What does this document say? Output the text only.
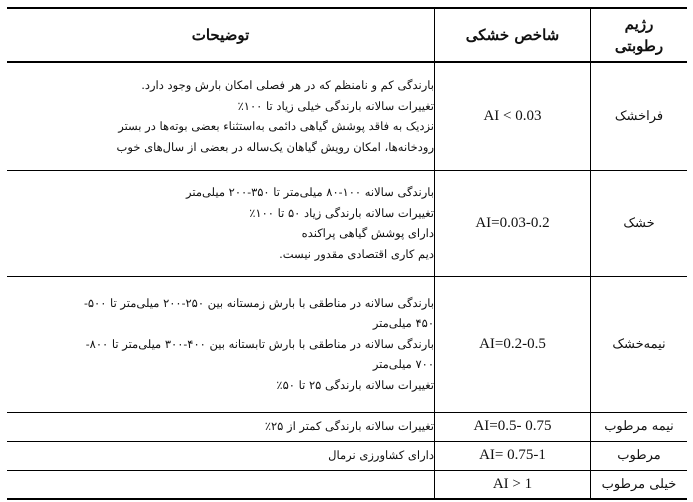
رژیم
رطوبتی	شاخص خشکی	توضیحات
فراخشک	AI < 0.03	بارندگی کم و نامنظم که در هر فصلی امکان بارش وجود دارد.
تغییرات سالانه بارندگی خیلی زیاد تا ۱۰۰٪
نزدیک به فاقد پوشش گیاهی دائمی به‌استثناء بعضی بوته‌ها در بستر
رودخانه‌ها، امکان رویش گیاهان یک‌ساله در بعضی از سال‌های خوب

خشک	AI=0.03-0.2	بارندگی سالانه ۱۰۰-۸۰ میلی‌متر تا ۳۵۰-۲۰۰ میلی‌متر
تغییرات سالانه بارندگی زیاد ۵۰ تا ۱۰۰٪
دارای پوشش گیاهی پراکنده
دیم کاری اقتصادی مقدور نیست.

نیمه‌خشک	AI=0.2-0.5	بارندگی سالانه در مناطقی با بارش زمستانه بین ۲۵۰-۲۰۰ میلی‌متر تا ۵۰۰-
۴۵۰ میلی‌متر
بارندگی سالانه در مناطقی با بارش تابستانه بین ۴۰۰-۳۰۰ میلی‌متر تا ۸۰۰-
۷۰۰ میلی‌متر
تغییرات سالانه بارندگی ۲۵ تا ۵۰٪

نیمه مرطوب	AI=0.5- 0.75	تغییرات سالانه بارندگی کمتر از ۲۵٪

مرطوب	AI= 0.75-1	دارای کشاورزی نرمال

خیلی مرطوب	AI > 1	
